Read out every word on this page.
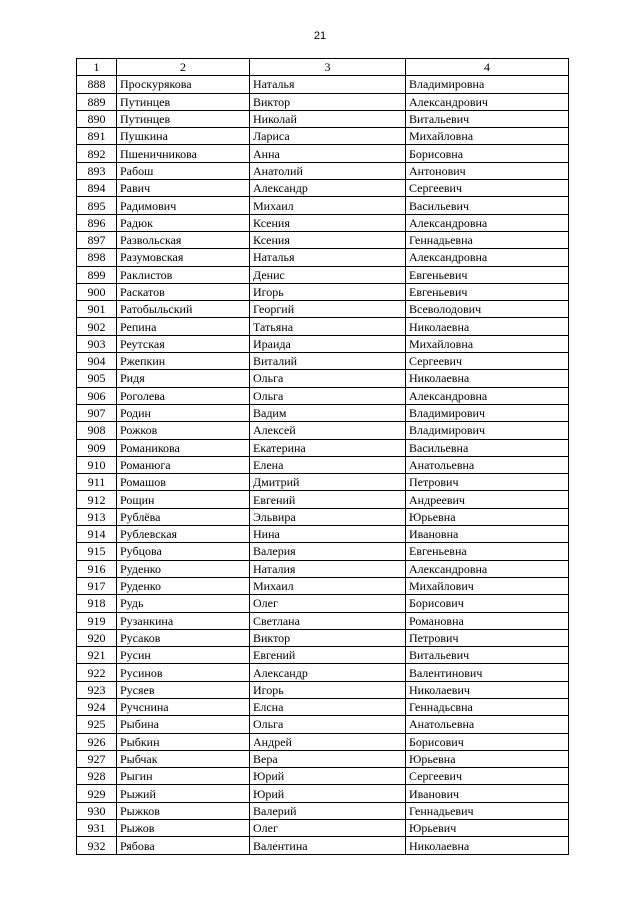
21
1	2	3	4
888	Проскурякова	Наталья	Владимировна
889	Путинцев	Виктор	Александрович
890	Путинцев	Николай	Витальевич
891	Пушкина	Лариса	Михайловна
892	Пшеничникова	Анна	Борисовна
893	Рабош	Анатолий	Антонович
894	Равич	Александр	Сергеевич
895	Радимович	Михаил	Васильевич
896	Радюк	Ксения	Александровна
897	Развольская	Ксения	Геннадьевна
898	Разумовская	Наталья	Александровна
899	Раклистов	Денис	Евгеньевич
900	Раскатов	Игорь	Евгеньевич
901	Ратобыльский	Георгий	Всеволодович
902	Репина	Татьяна	Николаевна
903	Реутская	Ираида	Михайловна
904	Ржепкин	Виталий	Сергеевич
905	Ридя	Ольга	Николаевна
906	Роголева	Ольга	Александровна
907	Родин	Вадим	Владимирович
908	Рожков	Алексей	Владимирович
909	Романикова	Екатерина	Васильевна
910	Романюга	Елена	Анатольевна
911	Ромашов	Дмитрий	Петрович
912	Рощин	Евгений	Андреевич
913	Рублёва	Эльвира	Юрьевна
914	Рублевская	Нина	Ивановна
915	Рубцова	Валерия	Евгеньевна
916	Руденко	Наталия	Александровна
917	Руденко	Михаил	Михайлович
918	Рудь	Олег	Борисович
919	Рузанкина	Светлана	Романовна
920	Русаков	Виктор	Петрович
921	Русин	Евгений	Витальевич
922	Русинов	Александр	Валентинович
923	Русяев	Игорь	Николаевич
924	Ручснина	Елсна	Геннадьсвна
925	Рыбина	Ольга	Анатольевна
926	Рыбкин	Андрей	Борисович
927	Рыбчак	Вера	Юрьевна
928	Рыгин	Юрий	Сергеевич
929	Рыжий	Юрий	Иванович
930	Рыжков	Валерий	Геннадьевич
931	Рыжов	Олег	Юрьевич
932	Рябова	Валентина	Николаевна
